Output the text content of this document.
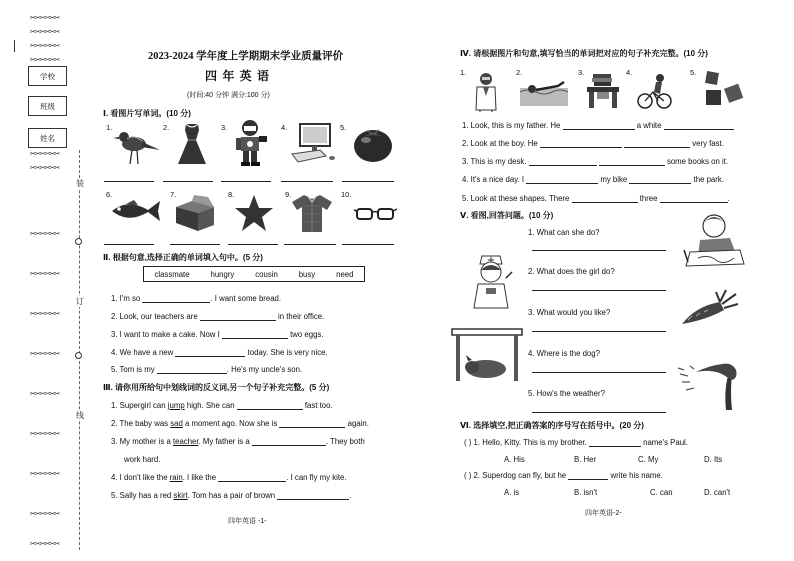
✂✂✂✂✂✂
✂✂✂✂✂✂
✂✂✂✂✂✂
✂✂✂✂✂✂
✂✂✂✂✂✂
✂✂✂✂✂✂
✂✂✂✂✂✂
✂✂✂✂✂✂
✂✂✂✂✂✂
✂✂✂✂✂✂
✂✂✂✂✂✂
✂✂✂✂✂✂
✂✂✂✂✂✂
✂✂✂✂✂✂
✂✂✂✂✂✂
学校
班级
姓名
装
订
线
2023-2024 学年度上学期期末学业质量评价
四 年 英 语
(时间:40 分钟 满分:100 分)
Ⅰ. 看图片写单词。(10 分)
1.	2.	3.	4.	5.
6.	7.	8.	9.	10.
Ⅱ. 根据句意,选择正确的单词填入句中。(5 分)
classmate	hungry	cousin	busy	need
1. I'm so	. I want some bread.
2. Look, our teachers are	in their office.
3. I want to make a cake. Now I	two eggs.
4. We have a new	today. She is very nice.
5. Tom is my	. He's my uncle's son.
Ⅲ. 请你用所给句中划线词的反义词,另一个句子补充完整。(5 分)
1. Supergirl can jump high. She can	fast too.
2. The baby was sad a moment ago. Now she is	again.
3. My mother is a teacher. My father is a	. They both
work hard.
4. I don't like the rain. I like the	. I can fly my kite.
5. Sally has a red skirt. Tom has a pair of brown	.
四年英语 -1-
Ⅳ. 请根据图片和句意,填写恰当的单词把对应的句子补充完整。(10 分)
1.	2.	3.	4.	5.
1. Look, this is my father. He	a white
2. Look at the boy. He	very fast.
3. This is my desk.	some books on it.
4. It's a nice day. I	my bike	the park.
5. Look at these shapes. There	three	.
Ⅴ. 看图,回答问题。(10 分)
1. What can she do?
2. What does the girl do?
3. What would you like?
4. Where is the dog?
5. How's the weather?
Ⅵ. 选择填空,把正确答案的序号写在括号中。(20 分)
( ) 1. Hello, Kitty. This is my brother.	name's Paul.
A. His	B. Her	C. My	D. Its
( ) 2. Superdog can fly, but he	write his name.
A. is	B. isn't	C. can	D. can't
四年英语-2-
